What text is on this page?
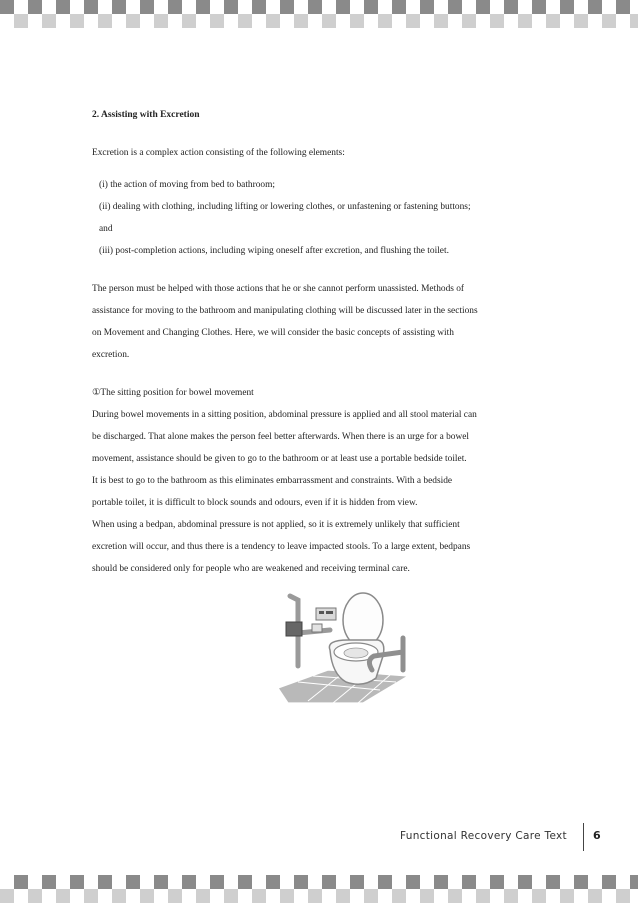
2. Assisting with Excretion

Excretion is a complex action consisting of the following elements:

(i) the action of moving from bed to bathroom;

(ii) dealing with clothing, including lifting or lowering clothes, or unfastening or fastening buttons;

and

(iii) post-completion actions, including wiping oneself after excretion, and flushing the toilet.

The person must be helped with those actions that he or she cannot perform unassisted. Methods of

assistance for moving to the bathroom and manipulating clothing will be discussed later in the sections

on Movement and Changing Clothes. Here, we will consider the basic concepts of assisting with

excretion.

①The sitting position for bowel movement

During bowel movements in a sitting position, abdominal pressure is applied and all stool material can

be discharged. That alone makes the person feel better afterwards. When there is an urge for a bowel

movement, assistance should be given to go to the bathroom or at least use a portable bedside toilet.

It is best to go to the bathroom as this eliminates embarrassment and constraints. With a bedside

portable toilet, it is difficult to block sounds and odours, even if it is hidden from view.

When using a bedpan, abdominal pressure is not applied, so it is extremely unlikely that sufficient

excretion will occur, and thus there is a tendency to leave impacted stools. To a large extent, bedpans

should be considered only for people who are weakened and receiving terminal care.

Functional Recovery Care Text 6
